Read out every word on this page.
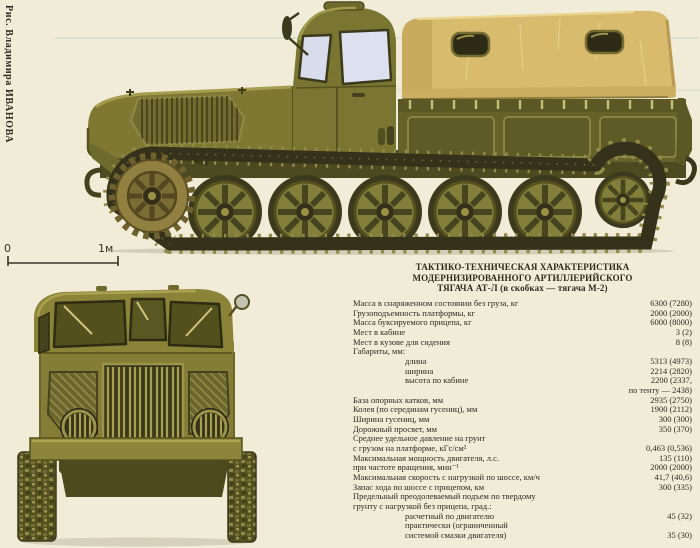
Рис. Владимира ИВАНОВА
0	1м
ТАКТИКО-ТЕХНИЧЕСКАЯ ХАРАКТЕРИСТИКА
МОДЕРНИЗИРОВАННОГО АРТИЛЛЕРИЙСКОГО
ТЯГАЧА АТ-Л (в скобках — тягача М-2)
Масса в снаряженном состоянии без груза, кг	6300 (7280)
Грузоподъемность платформы, кг	2000 (2000)
Масса буксируемого прицепа, кг	6000 (8000)
Мест в кабине	3 (2)
Мест в кузове для сидения	8 (8)
Габариты, мм:
длина	5313 (4973)
ширина	2214 (2820)
высота по кабине	2200 (2337,
по тенту — 2438)
База опорных катков, мм	2935 (2750)
Колея (по серединам гусениц), мм	1900 (2112)
Ширина гусениц, мм	300 (300)
Дорожный просвет, мм	350 (370)
Среднее удельное давление на грунт
с грузом на платформе, кГс/см²	0,463 (0,536)
Максимальная мощность двигателя, л.с.	135 (110)
при частоте вращения, мин⁻¹	2000 (2000)
Максимальная скорость с нагрузкой по шоссе, км/ч	41,7 (40,6)
Запас хода по шоссе с прицепом, км	300 (335)
Предельный преодолеваемый подъем по твердому
грунту с нагрузкой без прицепа, град.:
расчетный по двигателю	45 (32)
практически (ограниченный
системой смазки двигателя)	35 (30)
